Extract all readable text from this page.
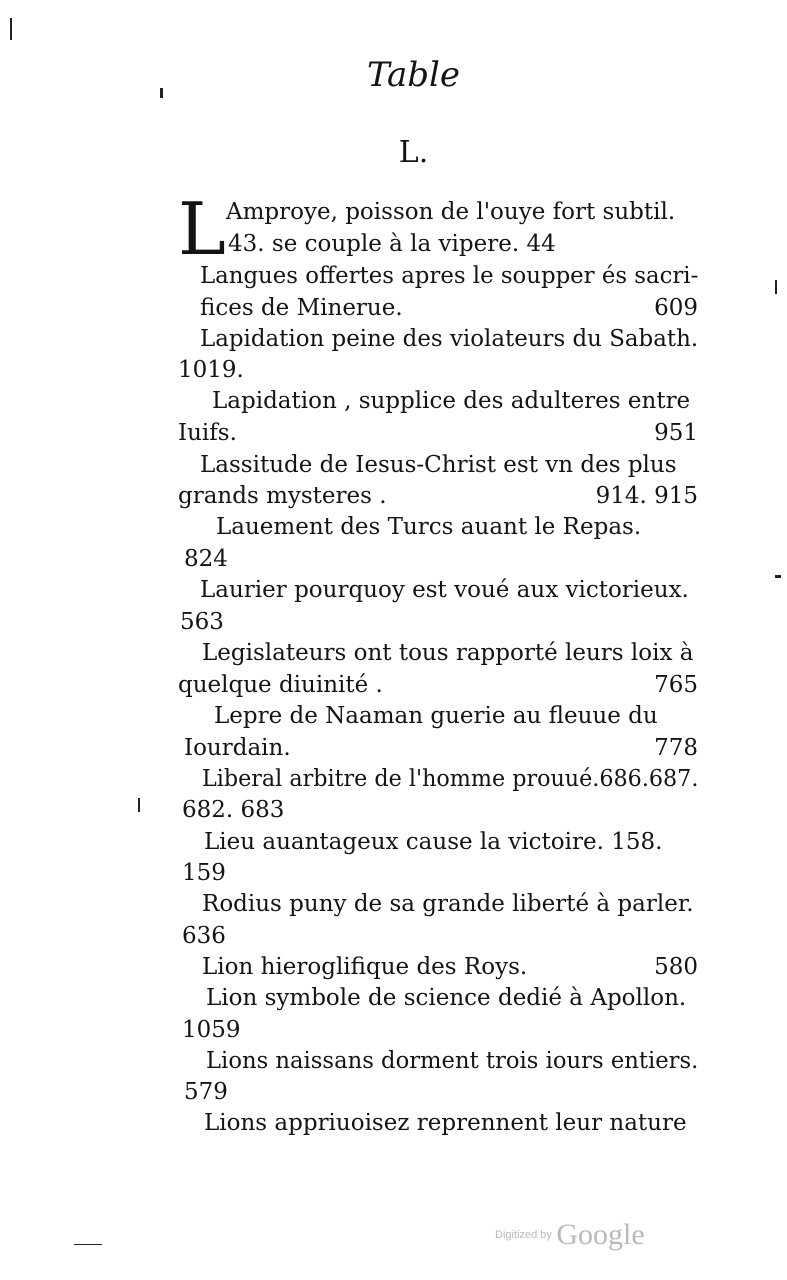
Table
L.
L Amproye, poisson de l'ouye fort subtil.
43. se couple à la vipere. 44
Langues offertes apres le soupper és sacri-
fices de Minerue.	609
Lapidation peine des violateurs du Sabath.
1019.
Lapidation , supplice des adulteres entre
Iuifs.	951
Lassitude de Iesus-Christ est vn des plus
grands mysteres .	914. 915
Lauement des Turcs auant le Repas.
824
Laurier pourquoy est voué aux victorieux.
563
Legislateurs ont tous rapporté leurs loix à
quelque diuinité .	765
Lepre de Naaman guerie au fleuue du
Iourdain.	778
Liberal arbitre de l'homme prouué.686.687.
682. 683
Lieu auantageux cause la victoire. 158.
159
Rodius puny de sa grande liberté à parler.
636
Lion hieroglifique des Roys.	580
Lion symbole de science dedié à Apollon.
1059
Lions naissans dorment trois iours entiers.
579
Lions appriuoisez reprennent leur nature
Digitized by Google
